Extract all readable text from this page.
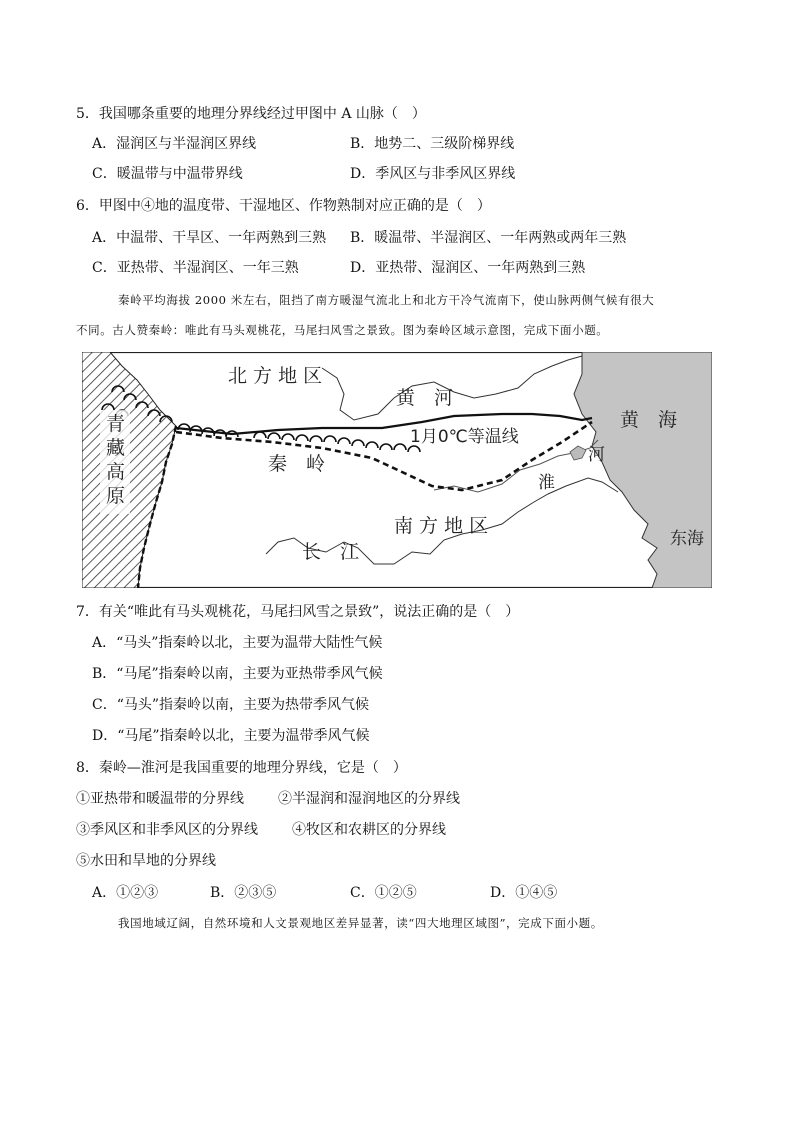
5．我国哪条重要的地理分界线经过甲图中 A 山脉（　）
A．湿润区与半湿润区界线	B．地势二、三级阶梯界线
C．暖温带与中温带界线	D．季风区与非季风区界线
6．甲图中④地的温度带、干湿地区、作物熟制对应正确的是（　）
A．中温带、干旱区、一年两熟到三熟 B．暖温带、半湿润区、一年两熟或两年三熟
C．亚热带、半湿润区、一年三熟	D．亚热带、湿润区、一年两熟到三熟
秦岭平均海拔 2000 米左右，阻挡了南方暖湿气流北上和北方干冷气流南下，使山脉两侧气候有很大
不同。古人赞秦岭：唯此有马头观桃花，马尾扫风雪之景致。图为秦岭区域示意图，完成下面小题。
北 方 地 区
黄　河
黄　海
青
藏
高
原
1月0℃等温线
秦　岭	河
淮
南 方 地 区
东海
长　江
7．有关“唯此有马头观桃花，马尾扫风雪之景致”，说法正确的是（　）
A．“马头”指秦岭以北，主要为温带大陆性气候
B．“马尾”指秦岭以南，主要为亚热带季风气候
C．“马头”指秦岭以南，主要为热带季风气候
D．“马尾”指秦岭以北，主要为温带季风气候
8．秦岭—淮河是我国重要的地理分界线，它是（　）
①亚热带和暖温带的分界线 ②半湿润和湿润地区的分界线
③季风区和非季风区的分界线 ④牧区和农耕区的分界线
⑤水田和旱地的分界线
A．①②③	B．②③⑤	C．①②⑤	D．①④⑤
我国地域辽阔，自然环境和人文景观地区差异显著，读“四大地理区域图”，完成下面小题。
